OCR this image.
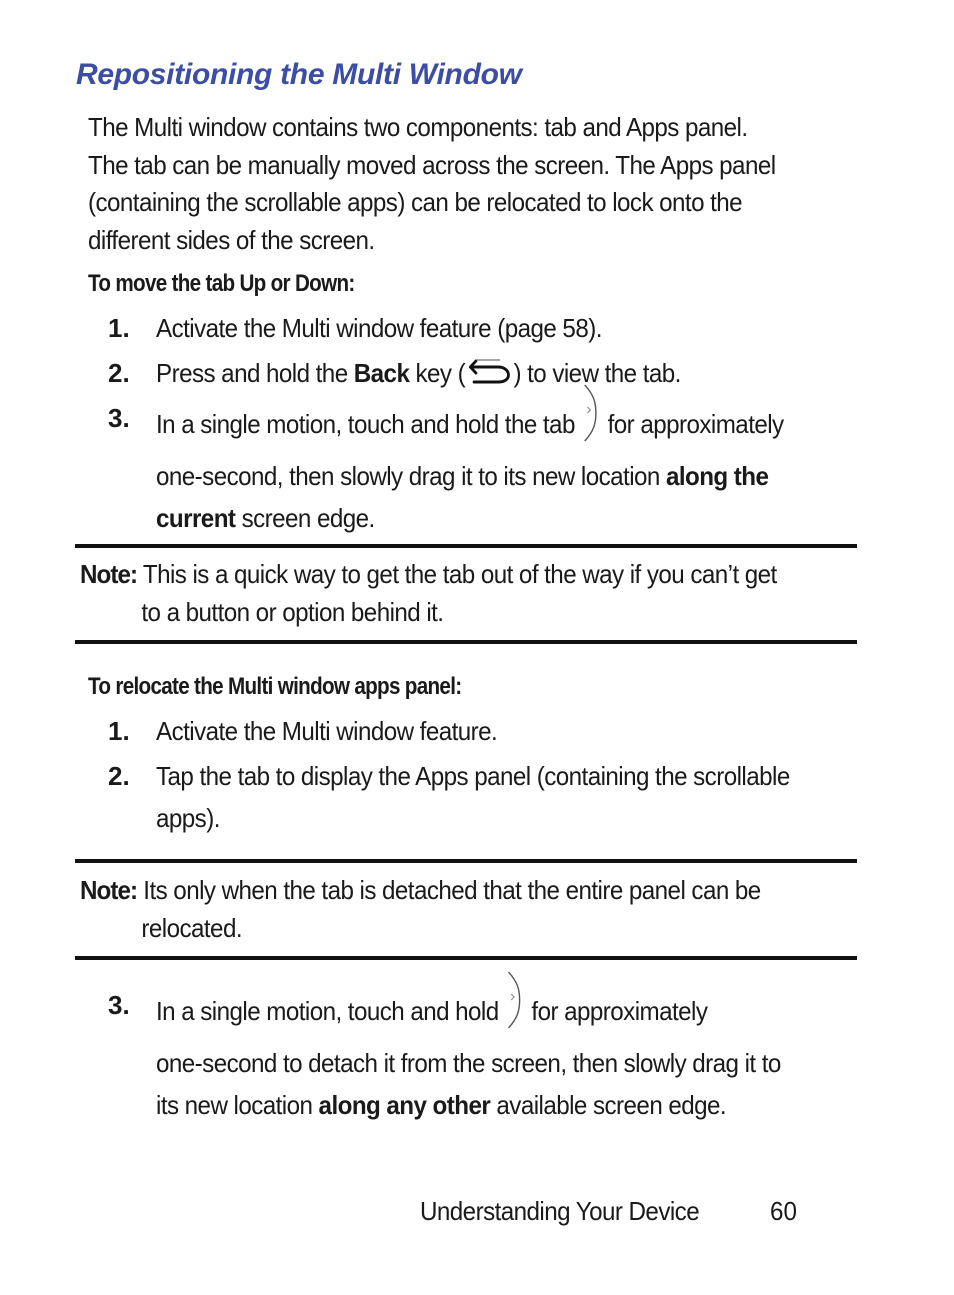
Repositioning the Multi Window

The Multi window contains two components: tab and Apps panel.
The tab can be manually moved across the screen. The Apps panel
(containing the scrollable apps) can be relocated to lock onto the
different sides of the screen.

To move the tab Up or Down:
1. Activate the Multi window feature (page 58).
2. Press and hold the Back key ( ) to view the tab.
3. In a single motion, touch and hold the tab  for approximately
one-second, then slowly drag it to its new location along the
current screen edge.
Note: This is a quick way to get the tab out of the way if you can’t get
to a button or option behind it.
To relocate the Multi window apps panel:
1. Activate the Multi window feature.
2. Tap the tab to display the Apps panel (containing the scrollable
apps).
Note: Its only when the tab is detached that the entire panel can be
relocated.
3. In a single motion, touch and hold  for approximately
one-second to detach it from the screen, then slowly drag it to
its new location along any other available screen edge.
Understanding Your Device	60
